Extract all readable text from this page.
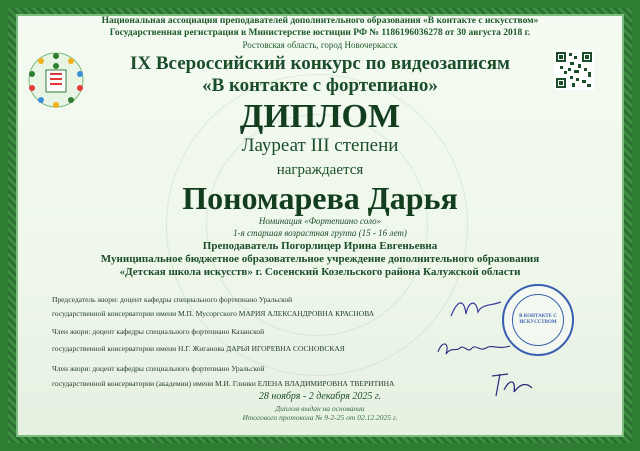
Национальная ассоциация преподавателей дополнительного образования «В контакте с искусством»
Государственная регистрация в Министерстве юстиции РФ № 1186196036278 от 30 августа 2018 г.
Ростовская область, город Новочеркасск
IX Всероссийский конкурс по видеозаписям
«В контакте с фортепиано»
ДИПЛОМ
Лауреат III степени
награждается
Пономарева Дарья
Номинация «Фортепиано соло»
1-я старшая возрастная группа (15 - 16 лет)
Преподаватель Погорлицер Ирина Евгеньевна
Муниципальное бюджетное образовательное учреждение дополнительного образования
«Детская школа искусств» г. Сосенский Козельского района Калужской области
Председатель жюри: доцент кафедры специального фортепиано Уральской
государственной консерватории имени М.П. Мусоргского МАРИЯ АЛЕКСАНДРОВНА КРАСНОВА
Член жюри: доцент кафедры специального фортепиано Казанской
государственной консерватории имени Н.Г. Жиганова ДАРЬЯ ИГОРЕВНА СОСНОВСКАЯ
Член жюри: доцент кафедры специального фортепиано Уральской
государственной консерватории (академии) имени М.И. Глинки ЕЛЕНА ВЛАДИМИРОВНА ТВЕРИТИНА
В КОНТАКТЕ С ИСКУССТВОМ
28 ноября - 2 декабря 2025 г.
Диплом выдан на основании
Итогового протокола № 9-2-25 от 02.12.2025 г.
